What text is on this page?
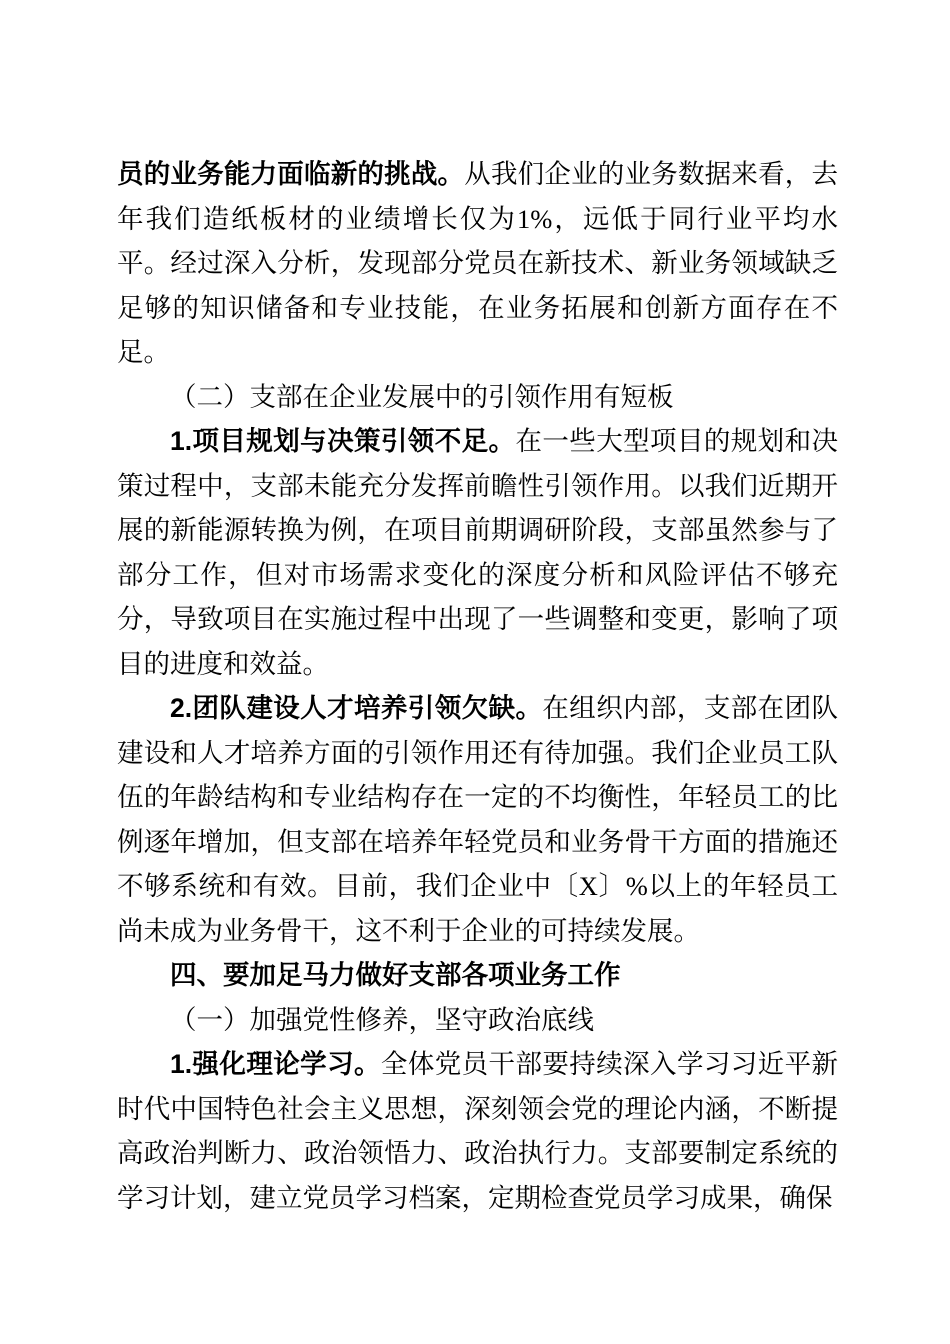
员的业务能力面临新的挑战。从我们企业的业务数据来看，去年我们造纸板材的业绩增长仅为1%，远低于同行业平均水平。经过深入分析，发现部分党员在新技术、新业务领域缺乏足够的知识储备和专业技能，在业务拓展和创新方面存在不足。

（二）支部在企业发展中的引领作用有短板

1.项目规划与决策引领不足。在一些大型项目的规划和决策过程中，支部未能充分发挥前瞻性引领作用。以我们近期开展的新能源转换为例，在项目前期调研阶段，支部虽然参与了部分工作，但对市场需求变化的深度分析和风险评估不够充分，导致项目在实施过程中出现了一些调整和变更，影响了项目的进度和效益。

2.团队建设人才培养引领欠缺。在组织内部，支部在团队建设和人才培养方面的引领作用还有待加强。我们企业员工队伍的年龄结构和专业结构存在一定的不均衡性，年轻员工的比例逐年增加，但支部在培养年轻党员和业务骨干方面的措施还不够系统和有效。目前，我们企业中〔X〕%以上的年轻员工尚未成为业务骨干，这不利于企业的可持续发展。

四、要加足马力做好支部各项业务工作

（一）加强党性修养，坚守政治底线

1.强化理论学习。全体党员干部要持续深入学习习近平新时代中国特色社会主义思想，深刻领会党的理论内涵，不断提高政治判断力、政治领悟力、政治执行力。支部要制定系统的学习计划，建立党员学习档案，定期检查党员学习成果，确保
